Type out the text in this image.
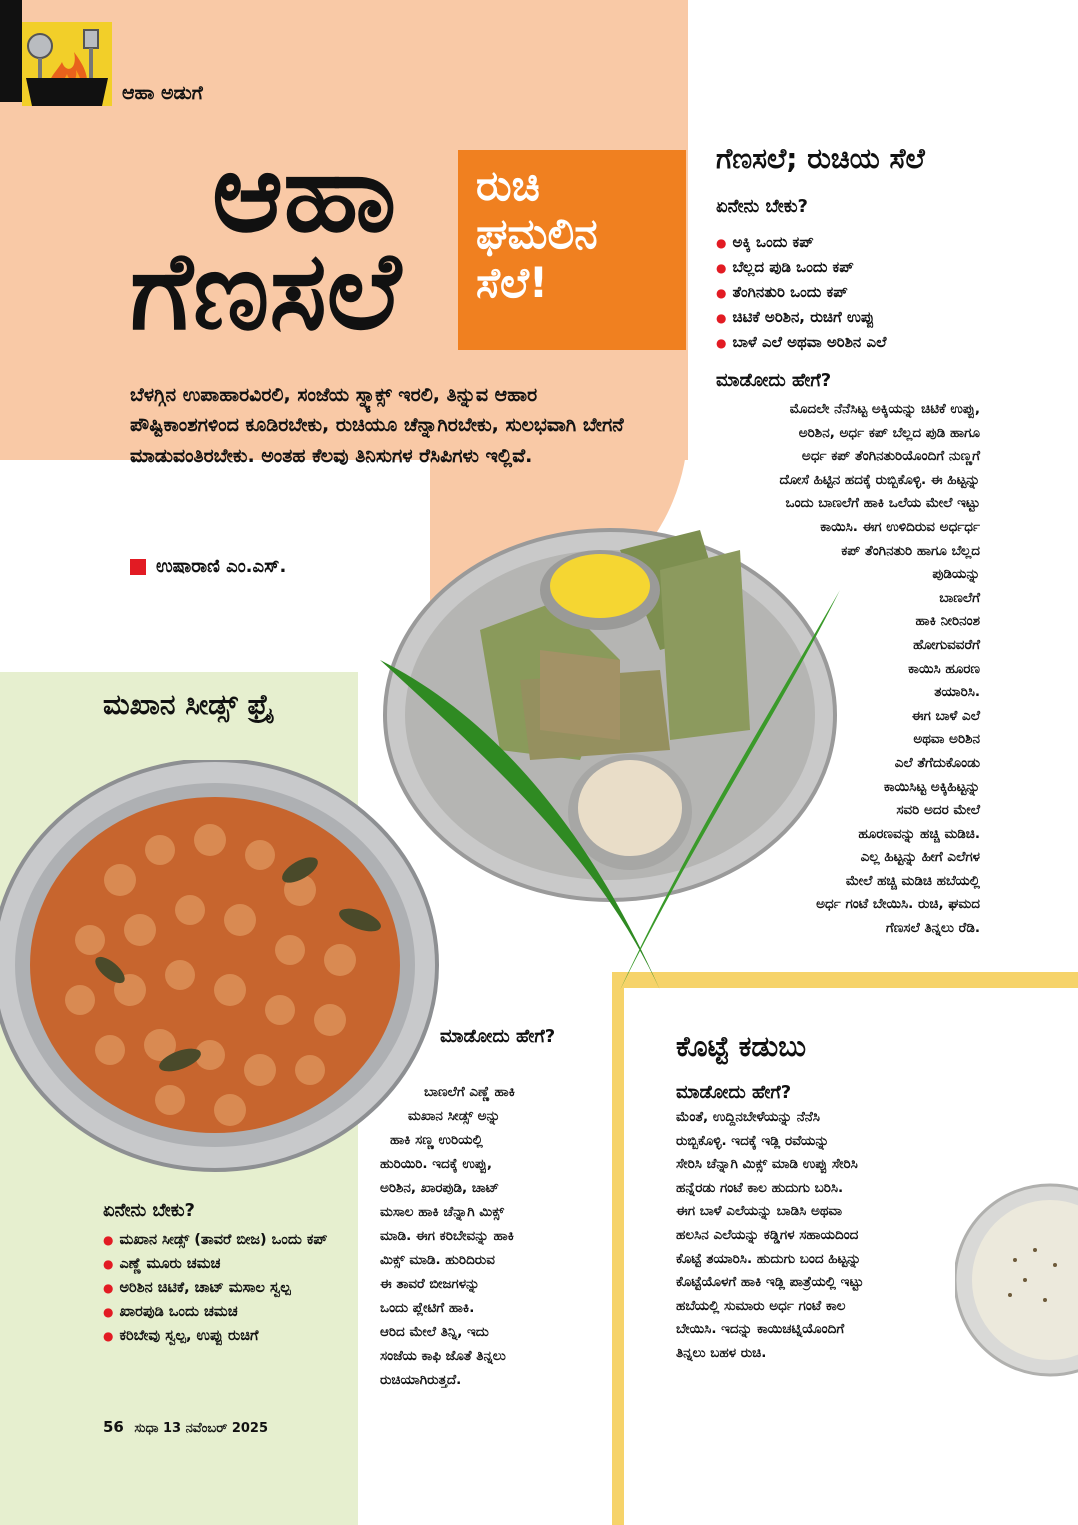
ಆಹಾ ಅಡುಗೆ
ಆಹಾ
ಗೆಣಸಲೆ
ರುಚಿ
ಘಮಲಿನ
ಸೆಲೆ!
ಬೆಳಗ್ಗಿನ ಉಪಾಹಾರವಿರಲಿ, ಸಂಜೆಯ ಸ್ನ್ಯಾಕ್ಸ್ ಇರಲಿ, ತಿನ್ನುವ ಆಹಾರ ಪೌಷ್ಟಿಕಾಂಶಗಳಿಂದ ಕೂಡಿರಬೇಕು, ರುಚಿಯೂ ಚೆನ್ನಾಗಿರಬೇಕು, ಸುಲಭವಾಗಿ ಬೇಗನೆ ಮಾಡುವಂತಿರಬೇಕು. ಅಂತಹ ಕೆಲವು ತಿನಿಸುಗಳ ರೆಸಿಪಿಗಳು ಇಲ್ಲಿವೆ.
ಉಷಾರಾಣಿ ಎಂ.ಎಸ್.
ಗೆಣಸಲೆ; ರುಚಿಯ ಸೆಲೆ
ಏನೇನು ಬೇಕು?
● ಅಕ್ಕಿ ಒಂದು ಕಪ್
● ಬೆಲ್ಲದ ಪುಡಿ ಒಂದು ಕಪ್
● ತೆಂಗಿನತುರಿ ಒಂದು ಕಪ್
● ಚಿಟಿಕೆ ಅರಿಶಿನ, ರುಚಿಗೆ ಉಪ್ಪು
● ಬಾಳೆ ಎಲೆ ಅಥವಾ ಅರಿಶಿನ ಎಲೆ
ಮಾಡೋದು ಹೇಗೆ?
ಮೊದಲೇ ನೆನೆಸಿಟ್ಟ ಅಕ್ಕಿಯನ್ನು ಚಿಟಿಕೆ ಉಪ್ಪು,
ಅರಿಶಿನ, ಅರ್ಧ ಕಪ್ ಬೆಲ್ಲದ ಪುಡಿ ಹಾಗೂ
ಅರ್ಧ ಕಪ್ ತೆಂಗಿನತುರಿಯೊಂದಿಗೆ ನುಣ್ಣಗೆ
ದೋಸೆ ಹಿಟ್ಟಿನ ಹದಕ್ಕೆ ರುಬ್ಬಿಕೊಳ್ಳಿ. ಈ ಹಿಟ್ಟನ್ನು
ಒಂದು ಬಾಣಲೆಗೆ ಹಾಕಿ ಒಲೆಯ ಮೇಲೆ ಇಟ್ಟು
ಕಾಯಿಸಿ. ಈಗ ಉಳಿದಿರುವ ಅರ್ಧರ್ಧ
ಕಪ್ ತೆಂಗಿನತುರಿ ಹಾಗೂ ಬೆಲ್ಲದ
ಪುಡಿಯನ್ನು
ಬಾಣಲೆಗೆ
ಹಾಕಿ ನೀರಿನಂಶ
ಹೋಗುವವರೆಗೆ
ಕಾಯಿಸಿ ಹೂರಣ
ತಯಾರಿಸಿ.
ಈಗ ಬಾಳೆ ಎಲೆ
ಅಥವಾ ಅರಿಶಿನ
ಎಲೆ ತೆಗೆದುಕೊಂಡು
ಕಾಯಿಸಿಟ್ಟ ಅಕ್ಕಿಹಿಟ್ಟನ್ನು
ಸವರಿ ಅದರ ಮೇಲೆ
ಹೂರಣವನ್ನು ಹಚ್ಚಿ ಮಡಿಚಿ.
ಎಲ್ಲ ಹಿಟ್ಟನ್ನು ಹೀಗೆ ಎಲೆಗಳ
ಮೇಲೆ ಹಚ್ಚಿ ಮಡಿಚಿ ಹಬೆಯಲ್ಲಿ
ಅರ್ಧ ಗಂಟೆ ಬೇಯಿಸಿ. ರುಚಿ, ಘಮದ
ಗೆಣಸಲೆ ತಿನ್ನಲು ರೆಡಿ.
ಮಖಾನ ಸೀಡ್ಸ್ ಫ್ರೈ
ಏನೇನು ಬೇಕು?
● ಮಖಾನ ಸೀಡ್ಸ್ (ತಾವರೆ ಬೀಜ) ಒಂದು ಕಪ್
● ಎಣ್ಣೆ ಮೂರು ಚಮಚ
● ಅರಿಶಿನ ಚಿಟಿಕೆ, ಚಾಟ್ ಮಸಾಲ ಸ್ವಲ್ಪ
● ಖಾರಪುಡಿ ಒಂದು ಚಮಚ
● ಕರಿಬೇವು ಸ್ವಲ್ಪ, ಉಪ್ಪು ರುಚಿಗೆ
ಮಾಡೋದು ಹೇಗೆ?
ಬಾಣಲೆಗೆ ಎಣ್ಣೆ ಹಾಕಿ
ಮಖಾನ ಸೀಡ್ಸ್ ಅನ್ನು
ಹಾಕಿ ಸಣ್ಣ ಉರಿಯಲ್ಲಿ
ಹುರಿಯಿರಿ. ಇದಕ್ಕೆ ಉಪ್ಪು,
ಅರಿಶಿನ, ಖಾರಪುಡಿ, ಚಾಟ್
ಮಸಾಲ ಹಾಕಿ ಚೆನ್ನಾಗಿ ಮಿಕ್ಸ್
ಮಾಡಿ. ಈಗ ಕರಿಬೇವನ್ನು ಹಾಕಿ
ಮಿಕ್ಸ್ ಮಾಡಿ. ಹುರಿದಿರುವ
ಈ ತಾವರೆ ಬೀಜಗಳನ್ನು
ಒಂದು ಪ್ಲೇಟಿಗೆ ಹಾಕಿ.
ಆರಿದ ಮೇಲೆ ತಿನ್ನಿ, ಇದು
ಸಂಜೆಯ ಕಾಫಿ ಜೊತೆ ತಿನ್ನಲು
ರುಚಿಯಾಗಿರುತ್ತದೆ.
ಕೊಟ್ಟೆ ಕಡುಬು
ಮಾಡೋದು ಹೇಗೆ?
ಮೆಂತೆ, ಉದ್ದಿನಬೇಳೆಯನ್ನು ನೆನೆಸಿ
ರುಬ್ಬಿಕೊಳ್ಳಿ. ಇದಕ್ಕೆ ಇಡ್ಲಿ ರವೆಯನ್ನು
ಸೇರಿಸಿ ಚೆನ್ನಾಗಿ ಮಿಕ್ಸ್ ಮಾಡಿ ಉಪ್ಪು ಸೇರಿಸಿ
ಹನ್ನೆರಡು ಗಂಟೆ ಕಾಲ ಹುದುಗು ಬರಿಸಿ.
ಈಗ ಬಾಳೆ ಎಲೆಯನ್ನು ಬಾಡಿಸಿ ಅಥವಾ
ಹಲಸಿನ ಎಲೆಯನ್ನು ಕಡ್ಡಿಗಳ ಸಹಾಯದಿಂದ
ಕೊಟ್ಟೆ ತಯಾರಿಸಿ. ಹುದುಗು ಬಂದ ಹಿಟ್ಟನ್ನು
ಕೊಟ್ಟೆಯೊಳಗೆ ಹಾಕಿ ಇಡ್ಲಿ ಪಾತ್ರೆಯಲ್ಲಿ ಇಟ್ಟು
ಹಬೆಯಲ್ಲಿ ಸುಮಾರು ಅರ್ಧ ಗಂಟೆ ಕಾಲ
ಬೇಯಿಸಿ. ಇದನ್ನು ಕಾಯಿಚಟ್ನಿಯೊಂದಿಗೆ
ತಿನ್ನಲು ಬಹಳ ರುಚಿ.
56 ಸುಧಾ 13 ನವೆಂಬರ್ 2025
